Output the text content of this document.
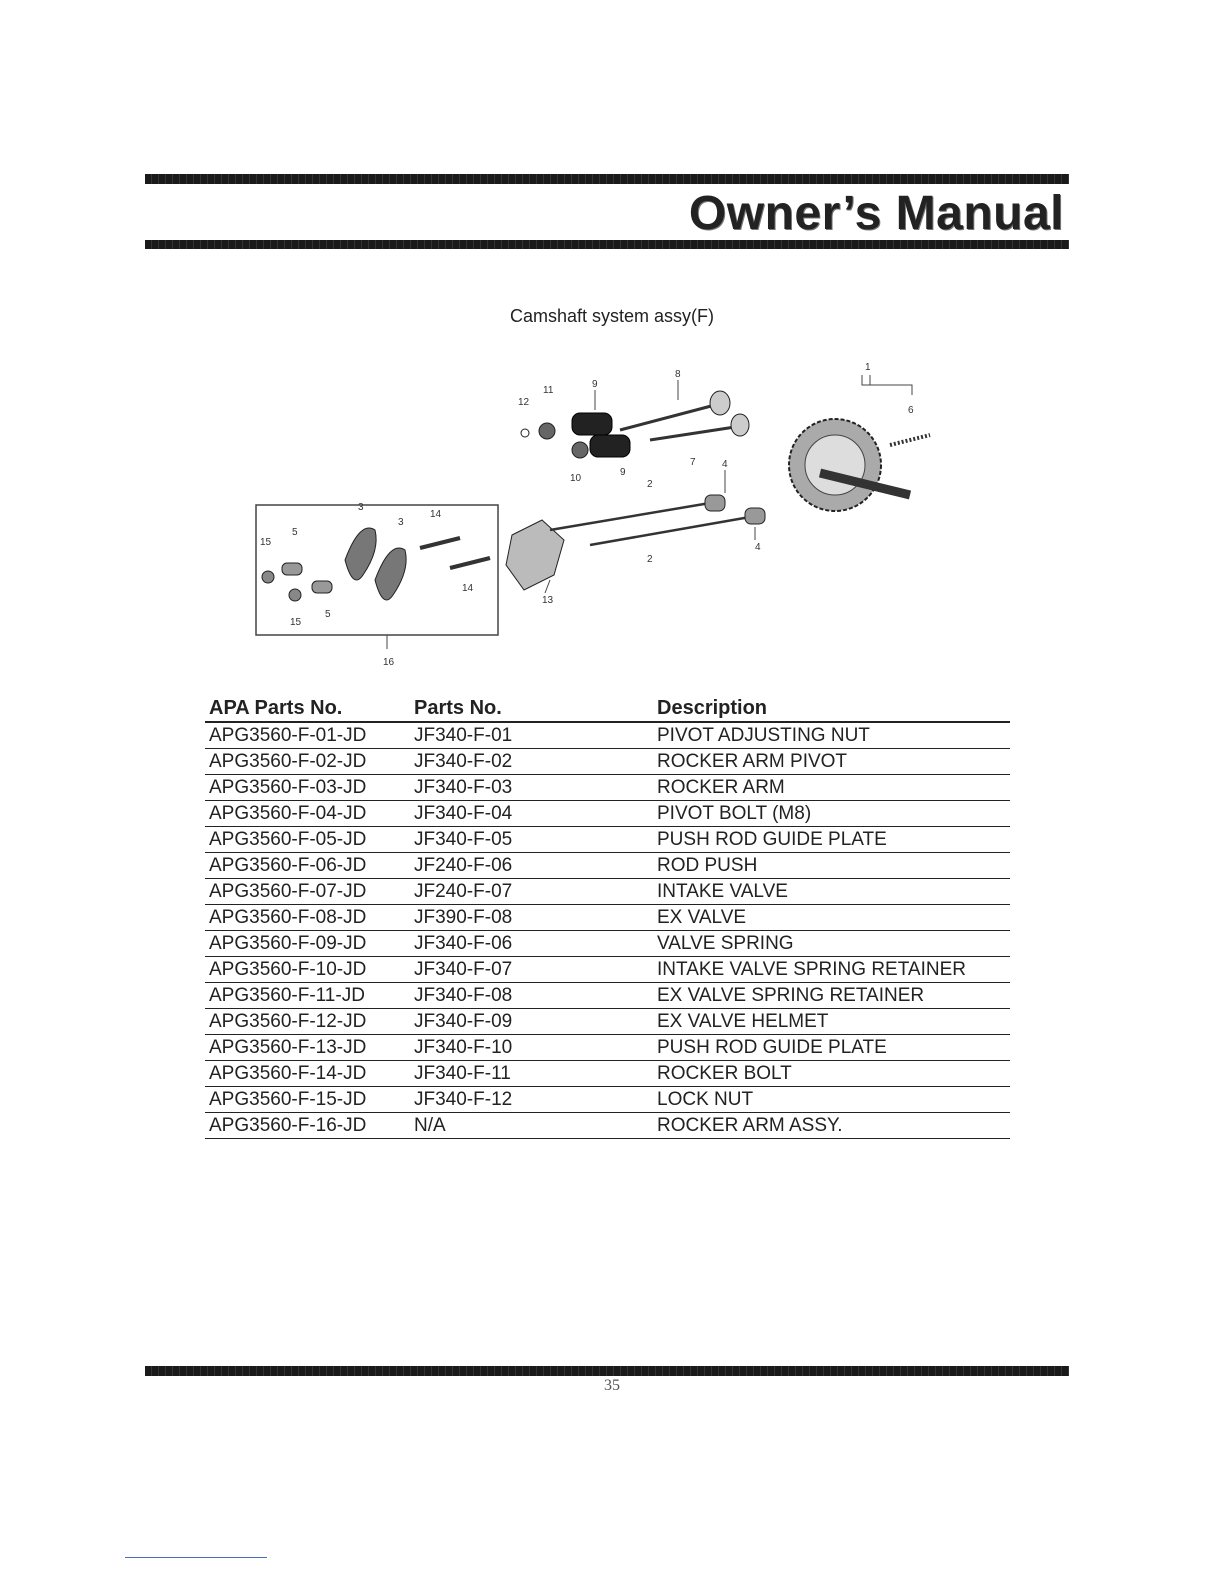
Owner’s Manual
Camshaft system assy(F)
1
2
2
3
3
4
4
5
5
6
7
8
9
9
10
11
12
13
14
14
15
15
16
APA Parts No.	Parts No.	Description
APG3560-F-01-JD	JF340-F-01	PIVOT ADJUSTING NUT
APG3560-F-02-JD	JF340-F-02	ROCKER ARM PIVOT
APG3560-F-03-JD	JF340-F-03	ROCKER ARM
APG3560-F-04-JD	JF340-F-04	PIVOT BOLT (M8)
APG3560-F-05-JD	JF340-F-05	PUSH ROD GUIDE PLATE
APG3560-F-06-JD	JF240-F-06	ROD PUSH
APG3560-F-07-JD	JF240-F-07	INTAKE VALVE
APG3560-F-08-JD	JF390-F-08	EX VALVE
APG3560-F-09-JD	JF340-F-06	VALVE SPRING
APG3560-F-10-JD	JF340-F-07	INTAKE VALVE SPRING RETAINER
APG3560-F-11-JD	JF340-F-08	EX VALVE SPRING RETAINER
APG3560-F-12-JD	JF340-F-09	EX VALVE HELMET
APG3560-F-13-JD	JF340-F-10	PUSH ROD GUIDE PLATE
APG3560-F-14-JD	JF340-F-11	ROCKER BOLT
APG3560-F-15-JD	JF340-F-12	LOCK NUT
APG3560-F-16-JD	N/A	ROCKER ARM ASSY.
35
